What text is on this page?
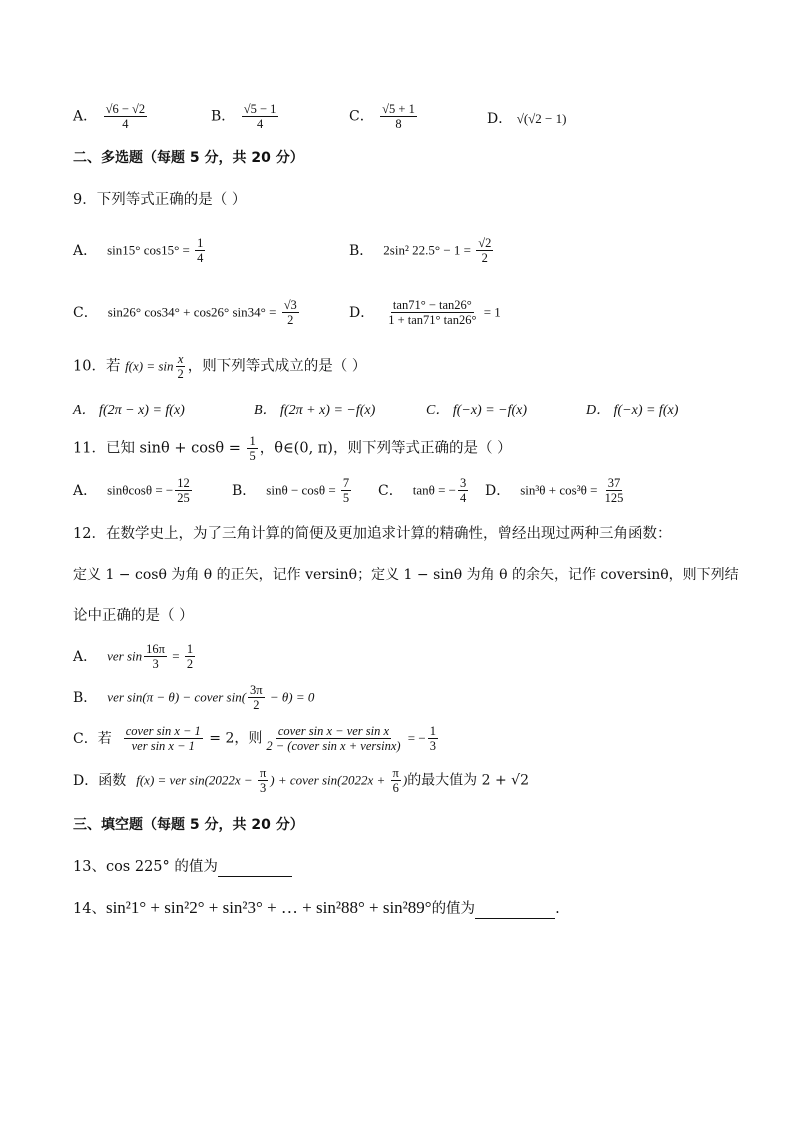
A． $\frac{√6 - √2}{4}$	B． $\frac{√5 - 1}{4}$	C． $\frac{√5 + 1}{8}$	D． √(√2 − 1)
二、多选题（每题 5 分，共 20 分）
9．下列等式正确的是（ ）
A． sin15° $\cos 15^\circ = \frac{1}{4}$	B． 2sin² $22.5^\circ - 1 = \frac{√2}{2}$
C． sin26° cos34° + cos26° $\sin 34^\circ = \frac{√3}{2}$	D． $\frac{\tan 71^\circ - \tan 26^\circ}{1 + \tan 71^\circ \tan 26^\circ} = 1$
10．若 $f(x) = \sin \frac{x}{2}$ ，则下列等式成立的是（ ）
A． f(2π − x) = f(x)	B． f(2π + x) = −f(x)	C． f(−x) = −f(x)	D． f(−x) = f(x)
11．已知 $\sin\theta + \cos\theta = \frac{1}{5}$ ，θ∈(0, π)，则下列等式正确的是（ ）
A． sinθcosθ = − $\frac{12}{25}$	B． $\sin\theta - \cos\theta = \frac{7}{5}$ C． tanθ = − $\frac{3}{4}$ D． $\sin^3\theta + \cos^3\theta = \frac{37}{125}$
12．在数学史上，为了三角计算的简便及更加追求计算的精确性，曾经出现过两种三角函数：
定义 1 − cosθ 为角 θ 的正矢，记作 versinθ；定义 1 − sinθ 为角 θ 的余矢，记作 coversinθ，则下列结
论中正确的是（ ）
A． ver $\sin \frac{16\pi}{3} = \frac{1}{2}$
B． ver sin(π − θ) − cover $\sin( \frac{3\pi}{2} - \theta) = 0$
C．若 $\frac{\text{cover sin x − 1}}{\text{ver sin x − 1}} = 2$，则 $\frac{\text{cover sin x − ver sin x}}{\text{2 − (cover sin x + versinx)}}$ = − $\frac{1}{3}$
D．函数 f(x) = ver $\sin(2022x - \frac{\pi}{3}$ ) + cover $\sin(2022x + \frac{\pi}{6}$ )的最大值为 2 + √2
三、填空题（每题 5 分，共 20 分）
13、cos 225° 的值为
14、sin²1° + sin²2° + sin²3° + … + sin²88° + sin²89°的值为	.
